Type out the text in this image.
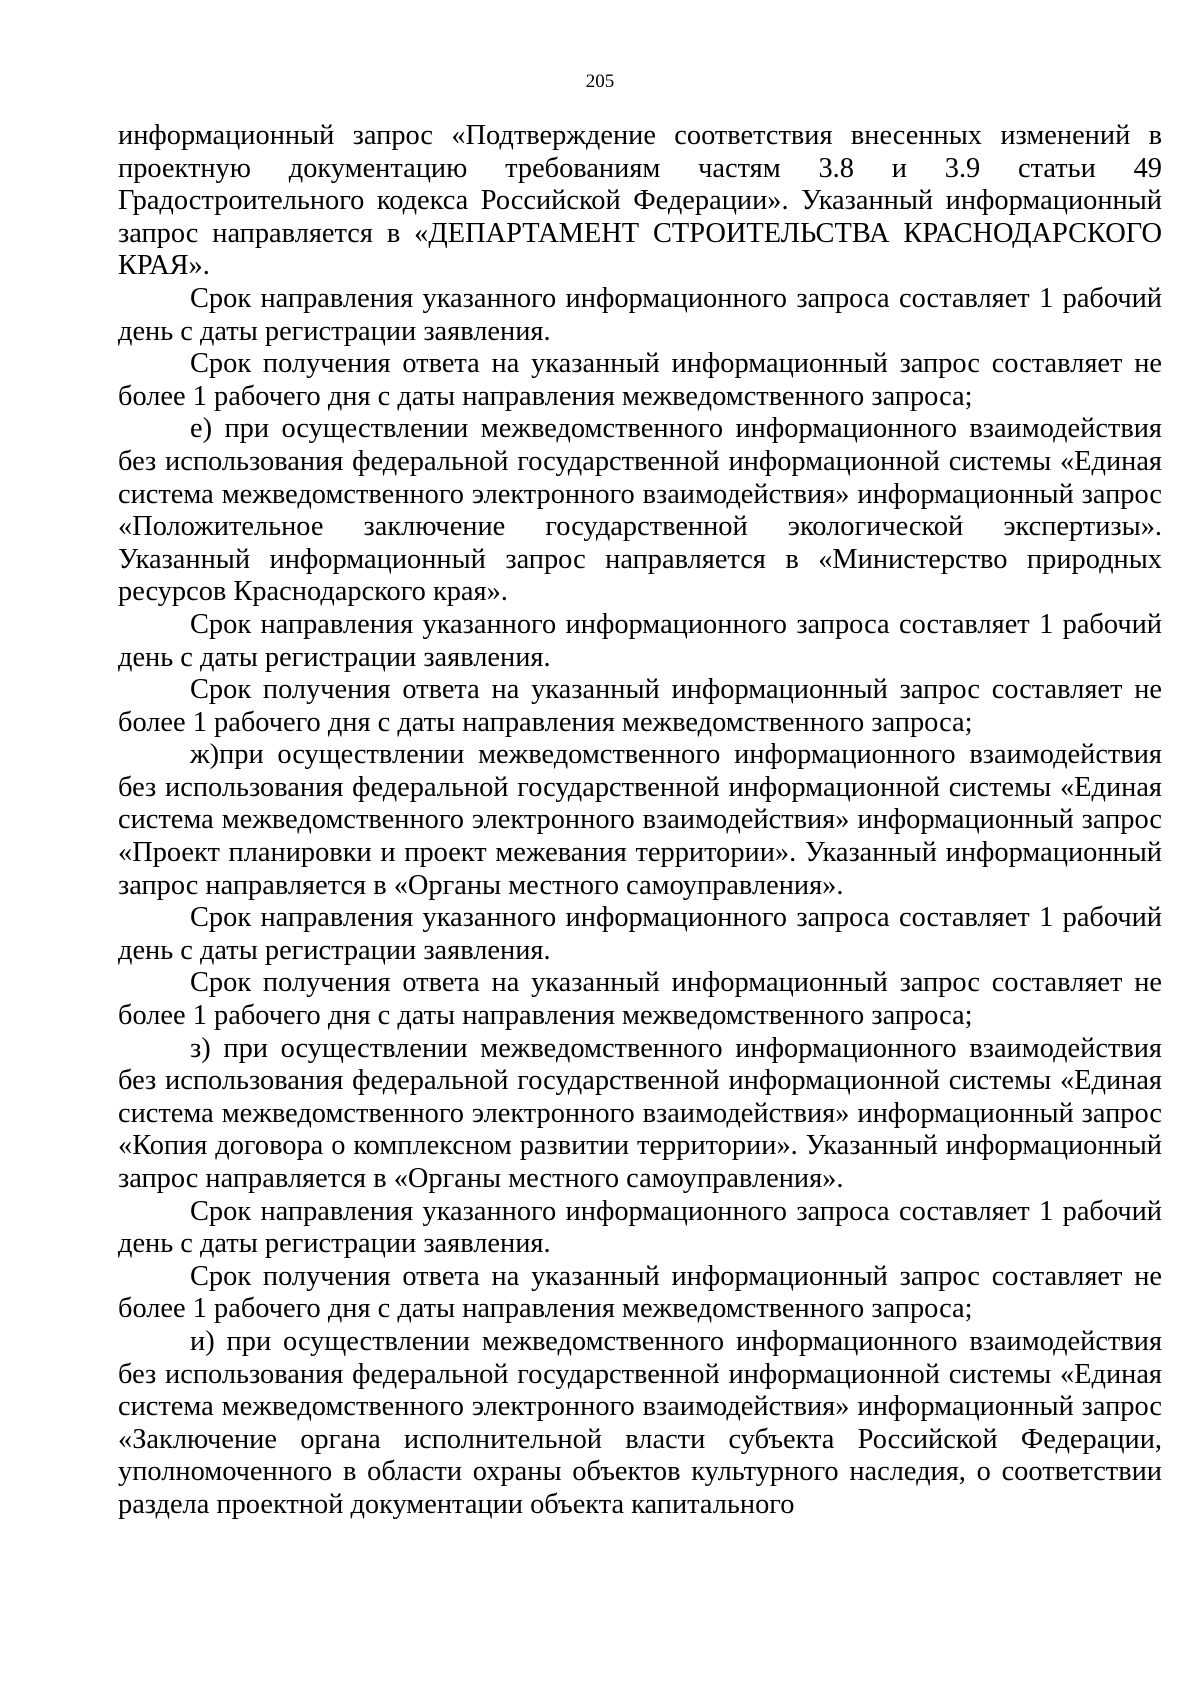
205

информационный запрос «Подтверждение соответствия внесенных изменений в проектную документацию требованиям частям 3.8 и 3.9 статьи 49 Градостроительного кодекса Российской Федерации». Указанный информационный запрос направляется в «ДЕПАРТАМЕНТ СТРОИТЕЛЬСТВА КРАСНОДАРСКОГО КРАЯ».

Срок направления указанного информационного запроса составляет 1 рабочий день с даты регистрации заявления.

Срок получения ответа на указанный информационный запрос составляет не более 1 рабочего дня с даты направления межведомственного запроса;

е) при осуществлении межведомственного информационного взаимодействия без использования федеральной государственной информационной системы «Единая система межведомственного электронного взаимодействия» информационный запрос «Положительное заключение государственной экологической экспертизы». Указанный информационный запрос направляется в «Министерство природных ресурсов Краснодарского края».

Срок направления указанного информационного запроса составляет 1 рабочий день с даты регистрации заявления.

Срок получения ответа на указанный информационный запрос составляет не более 1 рабочего дня с даты направления межведомственного запроса;

ж)при осуществлении межведомственного информационного взаимодействия без использования федеральной государственной информационной системы «Единая система межведомственного электронного взаимодействия» информационный запрос «Проект планировки и проект межевания территории». Указанный информационный запрос направляется в «Органы местного самоуправления».

Срок направления указанного информационного запроса составляет 1 рабочий день с даты регистрации заявления.

Срок получения ответа на указанный информационный запрос составляет не более 1 рабочего дня с даты направления межведомственного запроса;

з) при осуществлении межведомственного информационного взаимодействия без использования федеральной государственной информационной системы «Единая система межведомственного электронного взаимодействия» информационный запрос «Копия договора о комплексном развитии территории». Указанный информационный запрос направляется в «Органы местного самоуправления».

Срок направления указанного информационного запроса составляет 1 рабочий день с даты регистрации заявления.

Срок получения ответа на указанный информационный запрос составляет не более 1 рабочего дня с даты направления межведомственного запроса;

и) при осуществлении межведомственного информационного взаимодействия без использования федеральной государственной информационной системы «Единая система межведомственного электронного взаимодействия» информационный запрос «Заключение органа исполнительной власти субъекта Российской Федерации, уполномоченного в области охраны объектов культурного наследия, о соответствии раздела проектной документации объекта капитального
